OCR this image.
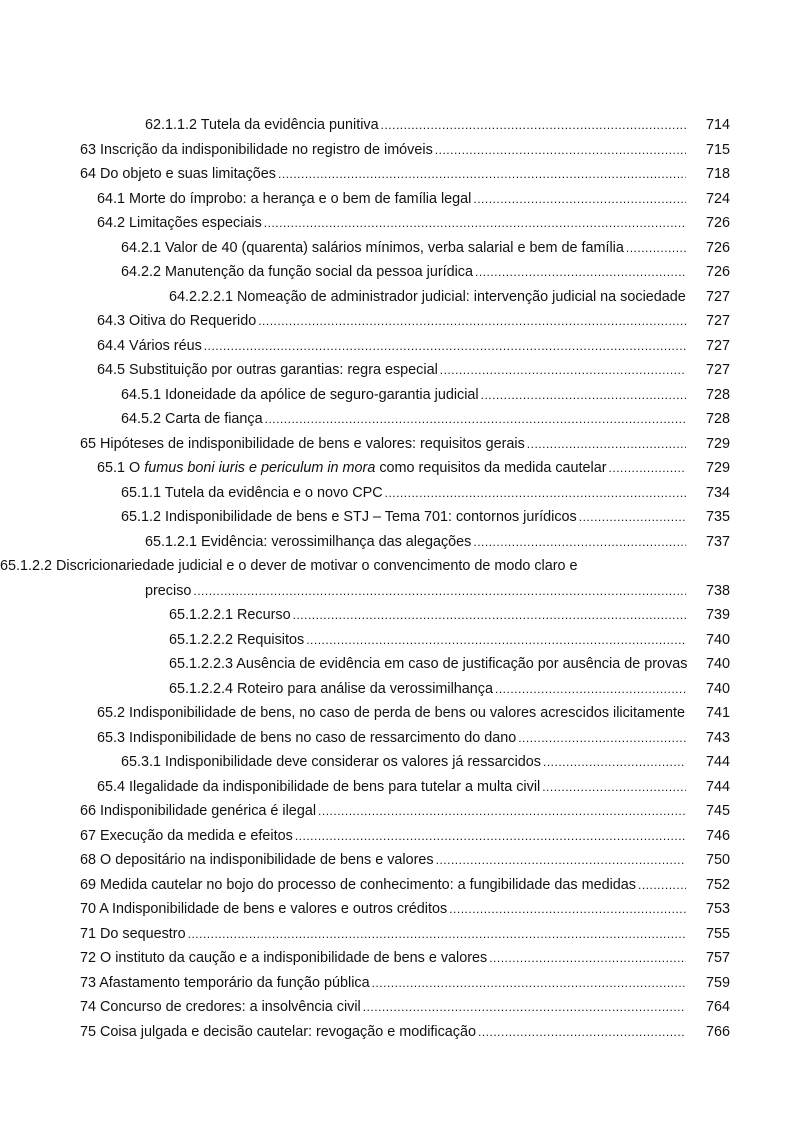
62.1.1.2 Tutela da evidência punitiva .....	714
63 Inscrição da indisponibilidade no registro de imóveis .....	715
64 Do objeto e suas limitações .....	718
64.1 Morte do ímprobo: a herança e o bem de família legal .....	724
64.2 Limitações especiais .....	726
64.2.1 Valor de 40 (quarenta) salários mínimos, verba salarial e bem de família .....	726
64.2.2 Manutenção da função social da pessoa jurídica .....	726
64.2.2.2.1 Nomeação de administrador judicial: intervenção judicial na sociedade	727
64.3 Oitiva do Requerido .....	727
64.4 Vários réus .....	727
64.5 Substituição por outras garantias: regra especial .....	727
64.5.1 Idoneidade da apólice de seguro-garantia judicial .....	728
64.5.2 Carta de fiança .....	728
65 Hipóteses de indisponibilidade de bens e valores: requisitos gerais .....	729
65.1 O fumus boni iuris e periculum in mora como requisitos da medida cautelar .....	729
65.1.1 Tutela da evidência e o novo CPC .....	734
65.1.2 Indisponibilidade de bens e STJ – Tema 701: contornos jurídicos .....	735
65.1.2.1 Evidência: verossimilhança das alegações .....	737
65.1.2.2 Discricionariedade judicial e o dever de motivar o convencimento de modo claro e
preciso .....	738
65.1.2.2.1 Recurso .....	739
65.1.2.2.2 Requisitos .....	740
65.1.2.2.3 Ausência de evidência em caso de justificação por ausência de provas	740
65.1.2.2.4 Roteiro para análise da verossimilhança .....	740
65.2 Indisponibilidade de bens, no caso de perda de bens ou valores acrescidos ilicitamente	741
65.3 Indisponibilidade de bens no caso de ressarcimento do dano .....	743
65.3.1 Indisponibilidade deve considerar os valores já ressarcidos .....	744
65.4 Ilegalidade da indisponibilidade de bens para tutelar a multa civil .....	744
66 Indisponibilidade genérica é ilegal .....	745
67 Execução da medida e efeitos .....	746
68 O depositário na indisponibilidade de bens e valores .....	750
69 Medida cautelar no bojo do processo de conhecimento: a fungibilidade das medidas .....	752
70 A Indisponibilidade de bens e valores e outros créditos .....	753
71 Do sequestro .....	755
72 O instituto da caução e a indisponibilidade de bens e valores .....	757
73 Afastamento temporário da função pública .....	759
74 Concurso de credores: a insolvência civil .....	764
75 Coisa julgada e decisão cautelar: revogação e modificação .....	766
